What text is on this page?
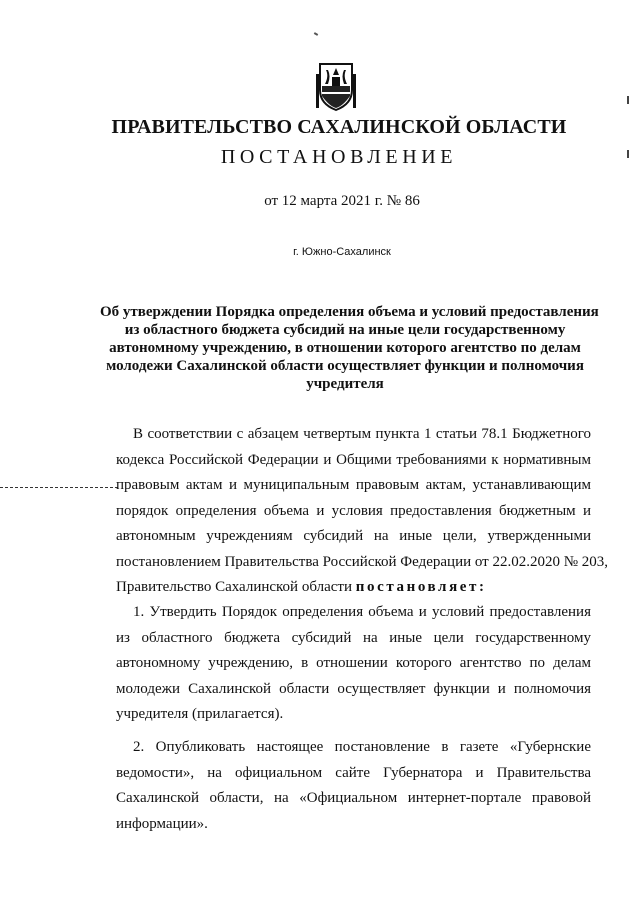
ПРАВИТЕЛЬСТВО САХАЛИНСКОЙ ОБЛАСТИ
ПОСТАНОВЛЕНИЕ
от 12 марта 2021 г. № 86
г. Южно-Сахалинск
Об утверждении Порядка определения объема и условий предоставления
из областного бюджета субсидий на иные цели государственному
автономному учреждению, в отношении которого агентство по делам
молодежи Сахалинской области осуществляет функции и полномочия
учредителя
В соответствии с абзацем четвертым пункта 1 статьи 78.1 Бюджетного
кодекса Российской Федерации и Общими требованиями к нормативным
правовым актам и муниципальным правовым актам, устанавливающим
порядок определения объема и условия предоставления бюджетным и
автономным учреждениям субсидий на иные цели, утвержденными
постановлением Правительства Российской Федерации от 22.02.2020 № 203,
Правительство Сахалинской области постановляет:
1. Утвердить Порядок определения объема и условий предоставления
из областного бюджета субсидий на иные цели государственному
автономному учреждению, в отношении которого агентство по делам
молодежи Сахалинской области осуществляет функции и полномочия
учредителя (прилагается).
2. Опубликовать настоящее постановление в газете «Губернские
ведомости», на официальном сайте Губернатора и Правительства
Сахалинской области, на «Официальном интернет-портале правовой
информации».
